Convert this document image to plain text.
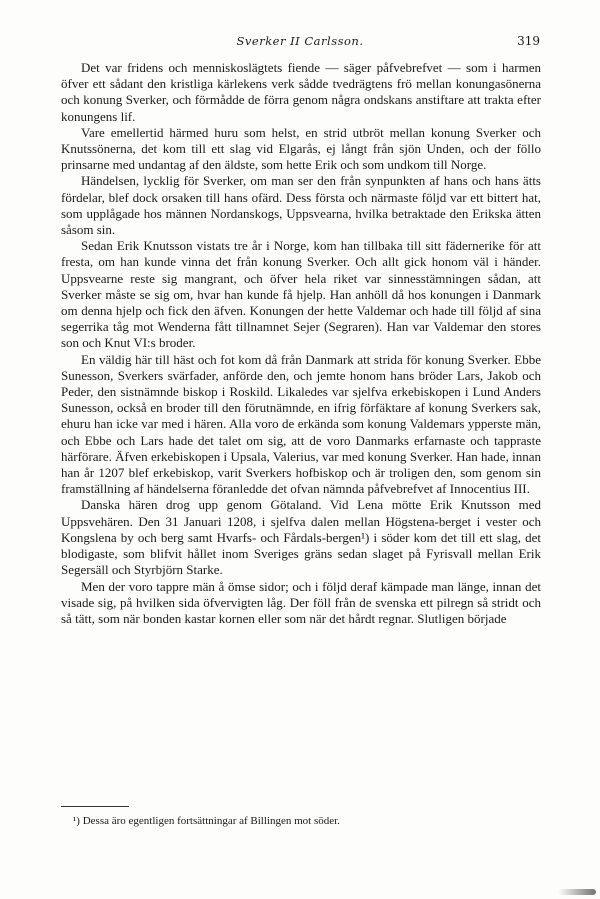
Sverker II Carlsson.	319

Det var fridens och menniskoslägtets fiende — säger påfvebrefvet — som i harmen öfver ett sådant den kristliga kärlekens verk sådde tvedrägtens frö mellan konungasönerna och konung Sverker, och förmådde de förra genom några ondskans anstiftare att trakta efter konungens lif.

Vare emellertid härmed huru som helst, en strid utbröt mellan konung Sverker och Knutssönerna, det kom till ett slag vid Elgarås, ej långt från sjön Unden, och der föllo prinsarne med undantag af den äldste, som hette Erik och som undkom till Norge.

Händelsen, lycklig för Sverker, om man ser den från synpunkten af hans och hans ätts fördelar, blef dock orsaken till hans ofärd. Dess första och närmaste följd var ett bittert hat, som upplågade hos männen Nordanskogs, Uppsvearna, hvilka betraktade den Erikska ätten såsom sin.

Sedan Erik Knutsson vistats tre år i Norge, kom han tillbaka till sitt fädernerike för att fresta, om han kunde vinna det från konung Sverker. Och allt gick honom väl i händer. Uppsvearne reste sig mangrant, och öfver hela riket var sinnesstämningen sådan, att Sverker måste se sig om, hvar han kunde få hjelp. Han anhöll då hos konungen i Danmark om denna hjelp och fick den äfven. Konungen der hette Valdemar och hade till följd af sina segerrika tåg mot Wenderna fått tillnamnet Sejer (Segraren). Han var Valdemar den stores son och Knut VI:s broder.

En väldig här till häst och fot kom då från Danmark att strida för konung Sverker. Ebbe Sunesson, Sverkers svärfader, anförde den, och jemte honom hans bröder Lars, Jakob och Peder, den sistnämnde biskop i Roskild. Likaledes var sjelfva erkebiskopen i Lund Anders Sunesson, också en broder till den förutnämnde, en ifrig förfäktare af konung Sverkers sak, ehuru han icke var med i hären. Alla voro de erkända som konung Valdemars ypperste män, och Ebbe och Lars hade det talet om sig, att de voro Danmarks erfarnaste och tappraste härförare. Äfven erkebiskopen i Upsala, Valerius, var med konung Sverker. Han hade, innan han år 1207 blef erkebiskop, varit Sverkers hofbiskop och är troligen den, som genom sin framställning af händelserna föranledde det ofvan nämnda påfvebrefvet af Innocentius III.

Danska hären drog upp genom Götaland. Vid Lena mötte Erik Knutsson med Uppsvehären. Den 31 Januari 1208, i sjelfva dalen mellan Högstena-berget i vester och Kongslena by och berg samt Hvarfs- och Fårdals-bergen¹) i söder kom det till ett slag, det blodigaste, som blifvit hållet inom Sveriges gräns sedan slaget på Fyrisvall mellan Erik Segersäll och Styrbjörn Starke.

Men der voro tappre män å ömse sidor; och i följd deraf kämpade man länge, innan det visade sig, på hvilken sida öfvervigten låg. Der föll från de svenska ett pilregn så stridt och så tätt, som när bonden kastar kornen eller som när det hårdt regnar. Slutligen började

¹) Dessa äro egentligen fortsättningar af Billingen mot söder.
